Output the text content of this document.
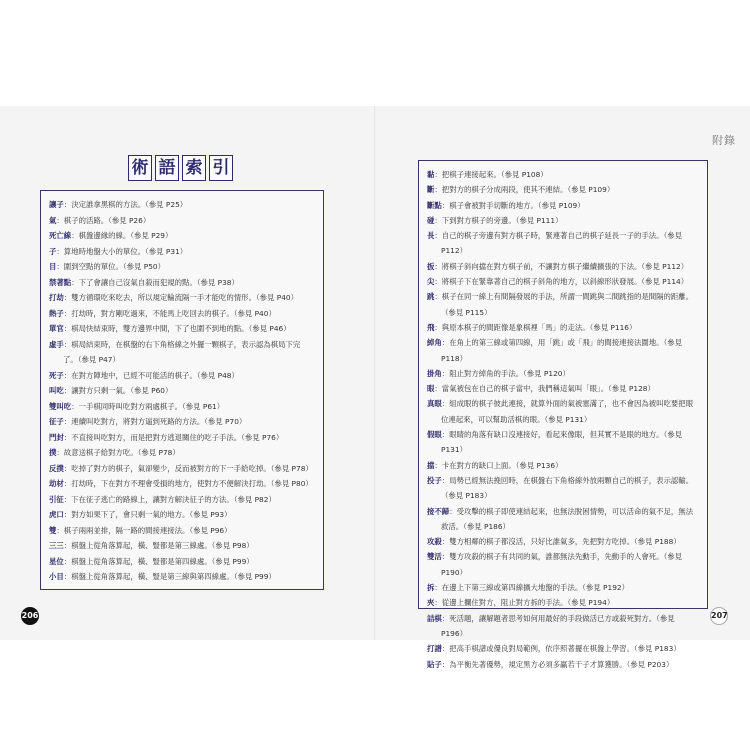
附錄
術 語 索 引
讓子：決定誰拿黑棋的方法。（參見 P25）
氣：棋子的活路。（參見 P26）
死亡線：棋盤邊緣的線。（參見 P29）
子：算地時地盤大小的單位。（參見 P31）
目：圍到空點的單位。（參見 P50）
禁著點：下了會讓自己沒氣自殺而犯規的點。（參見 P38）
打劫：雙方循環吃來吃去，所以規定輪流隔一手才能吃的情形。（參見 P40）
熱子：打劫時，對方剛吃過來，不能馬上吃回去的棋子。（參見 P40）
單官：棋局快結束時，雙方邊界中間，下了也圍不到地的點。（參見 P46）
虛手：棋局結束時，在棋盤的右下角格線之外擺一顆棋子，表示認為棋局下完了。（參見 P47）
死子：在對方陣地中，已經不可能活的棋子。（參見 P48）
叫吃：讓對方只剩一氣。（參見 P60）
雙叫吃：一手棋同時叫吃對方兩處棋子。（參見 P61）
征子：連續叫吃對方，將對方逼到死路的方法。（參見 P70）
門封：不直接叫吃對方，而是把對方逃退關住的吃子手法。（參見 P76）
撲：故意送棋子給對方吃。（參見 P78）
反撲：吃掉了對方的棋子，氣卻變少，反而被對方的下一手給吃掉。（參見 P78）
劫材：打劫時，下在對方不理會受損的地方，使對方不便解決打劫。（參見 P80）
引征：下在征子逃亡的路線上，讓對方解決征子的方法。（參見 P82）
虎口：對方如果下了，會只剩一氣的地方。（參見 P93）
雙：棋子兩兩並排，隔一路的間接連接法。（參見 P96）
三三：棋盤上從角落算起，橫、豎都是第三線處。（參見 P98）
星位：棋盤上從角落算起，橫、豎都是第四線處。（參見 P99）
小目：棋盤上從角落算起，橫、豎是第三線與第四線處。（參見 P99）
黏：把棋子連接起來。（參見 P108）
斷：把對方的棋子分成兩段，使其不連結。（參見 P109）
斷點：棋子會被對手切斷的地方。（參見 P109）
碰：下到對方棋子的旁邊。（參見 P111）
長：自己的棋子旁邊有對方棋子時，緊連著自己的棋子延長一子的手法。（參見 P112）
扳：將棋子斜向擋在對方棋子前，不讓對方棋子繼續擴張的下法。（參見 P112）
尖：將棋子下在緊靠著自己的棋子斜角的地方，以斜線形狀發展。（參見 P114）
跳：棋子在同一線上有間隔發展的手法，所謂一間跳與二間跳指的是間隔的距離。（參見 P115）
飛：與原本棋子的間距像是象棋裡「馬」的走法。（參見 P116）
綽角：在角上的第三線或第四線，用「跳」或「飛」的間接連接法圍地。（參見 P118）
掛角：阻止對方綽角的手法。（參見 P120）
眼：當氣被包在自己的棋子當中，我們稱這氣叫「眼」。（參見 P128）
真眼：組成眼的棋子彼此連接，就算外面的氣被塞滿了，也不會因為被叫吃要把眼位連起來，可以幫助活棋的眼。（參見 P131）
假眼：眼睛的角落有缺口沒連接好，看起來像眼，但其實不是眼的地方。（參見 P131）
擋：卡在對方的缺口上面。（參見 P136）
投子：局勢已經無法挽回時，在棋盤右下角格線外放兩顆自己的棋子，表示認輸。（參見 P183）
接不歸：受攻擊的棋子即使連結起來，也無法脫困情勢，可以活命的氣不足，無法救活。（參見 P186）
攻殺：雙方相鄰的棋子都沒活，只好比誰氣多，先把對方吃掉。（參見 P188）
雙活：雙方攻殺的棋子有共同的氣，誰都無法先動手，先動手的人會死。（參見 P190）
拆：在邊上下第三線或第四線擴大地盤的手法。（參見 P192）
夾：從邊上攔住對方，阻止對方拆的手法。（參見 P194）
詰棋：死活題，讓解題者思考如何用最好的手段做活已方或殺死對方。（參見 P196）
打譜：把高手棋譜或優良對局範例，依序照著擺在棋盤上學習。（參見 P183）
貼子：為平衡先著優勢，規定黑方必須多贏若干子才算獲勝。（參見 P203）
206	207
